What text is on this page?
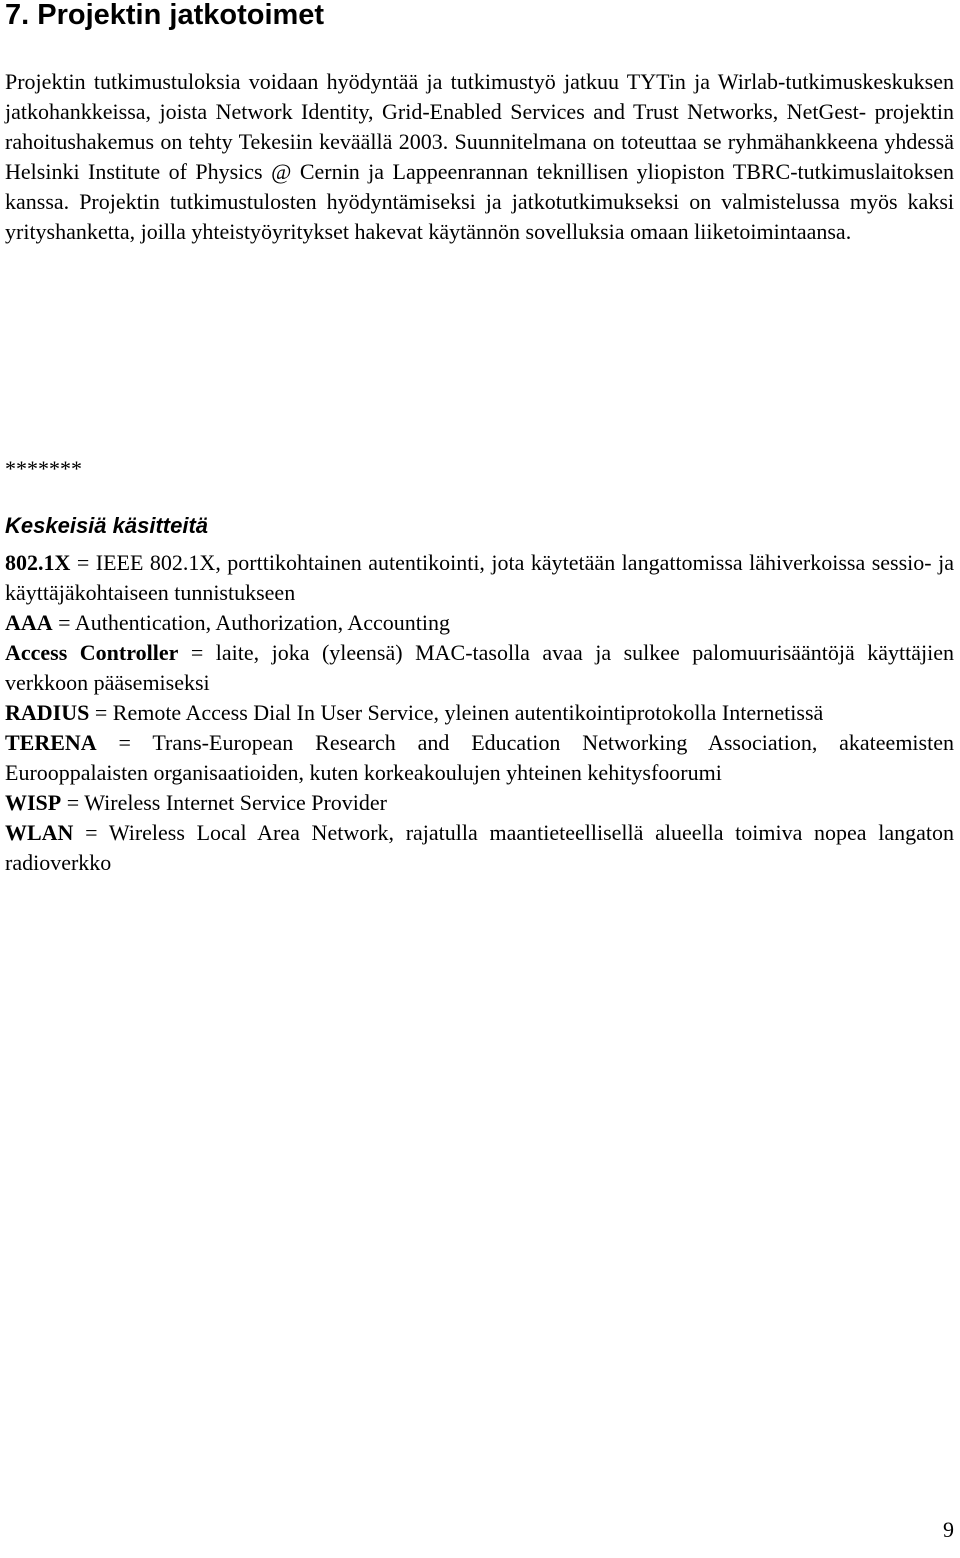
7. Projektin jatkotoimet

Projektin tutkimustuloksia voidaan hyödyntää ja tutkimustyö jatkuu TYTin ja Wirlab-tutkimuskeskuksen jatkohankkeissa, joista Network Identity, Grid-Enabled Services and Trust Networks, NetGest- projektin rahoitushakemus on tehty Tekesiin keväällä 2003. Suunnitelmana on toteuttaa se ryhmähankkeena yhdessä Helsinki Institute of Physics @ Cernin ja Lappeenrannan teknillisen yliopiston TBRC-tutkimuslaitoksen kanssa. Projektin tutkimustulosten hyödyntämiseksi ja jatkotutkimukseksi on valmistelussa myös kaksi yrityshanketta, joilla yhteistyöyritykset hakevat käytännön sovelluksia omaan liiketoimintaansa.

*******

Keskeisiä käsitteitä
802.1X = IEEE 802.1X, porttikohtainen autentikointi, jota käytetään langattomissa lähiverkoissa sessio- ja käyttäjäkohtaiseen tunnistukseen
AAA = Authentication, Authorization, Accounting
Access Controller = laite, joka (yleensä) MAC-tasolla avaa ja sulkee palomuurisääntöjä käyttäjien verkkoon pääsemiseksi
RADIUS = Remote Access Dial In User Service, yleinen autentikointiprotokolla Internetissä
TERENA = Trans-European Research and Education Networking Association, akateemisten Eurooppalaisten organisaatioiden, kuten korkeakoulujen yhteinen kehitysfoorumi
WISP = Wireless Internet Service Provider
WLAN = Wireless Local Area Network, rajatulla maantieteellisellä alueella toimiva nopea langaton radioverkko

9
